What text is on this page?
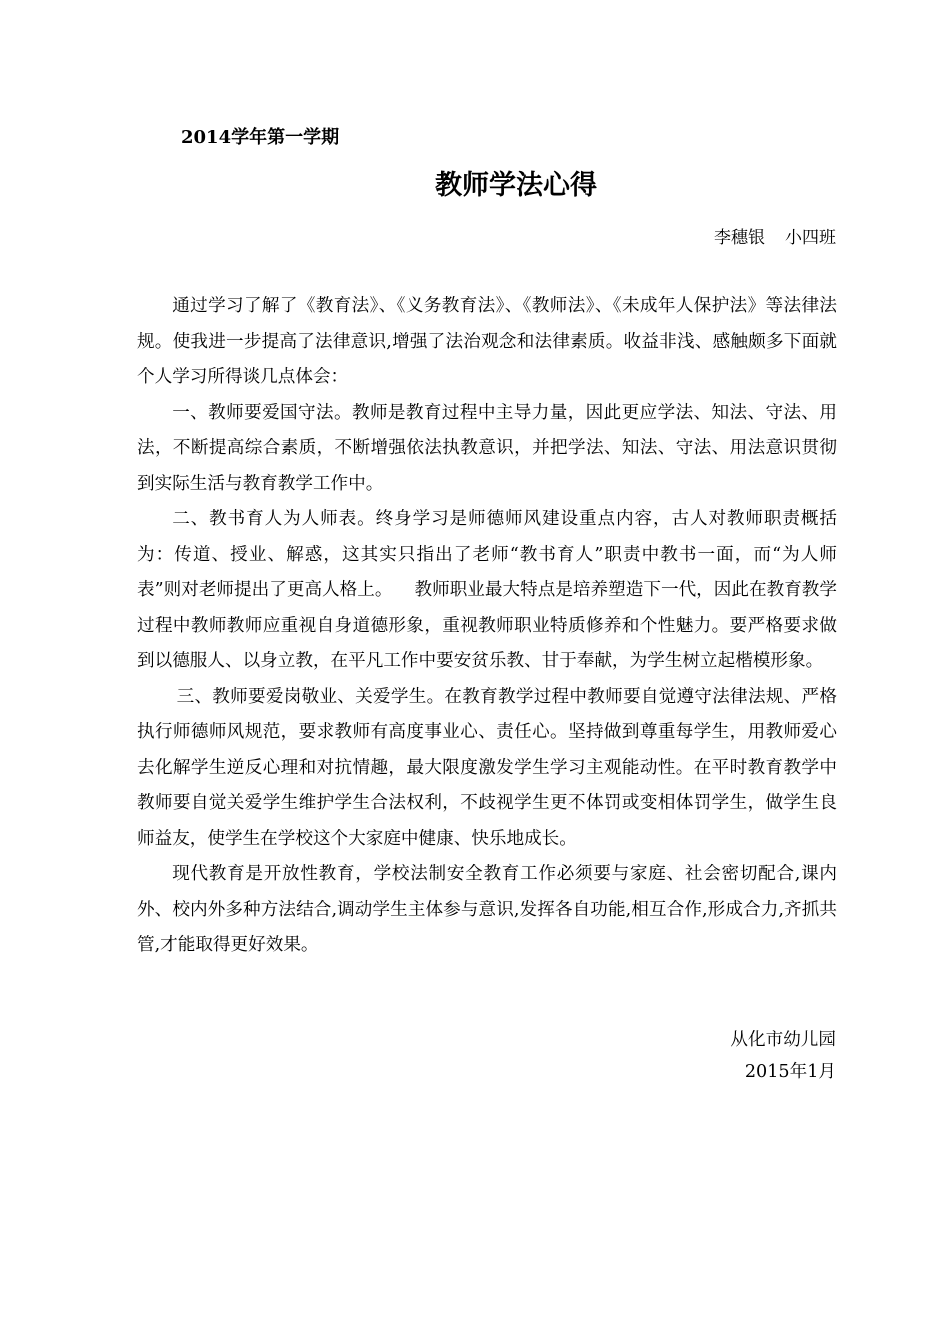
2014学年第一学期
教师学法心得
李穗银 小四班

通过学习了解了《教育法》、《义务教育法》、《教师法》、《未成年人保护法》等法律法规。使我进一步提高了法律意识,增强了法治观念和法律素质。收益非浅、感触颇多下面就个人学习所得谈几点体会：

一、教师要爱国守法。教师是教育过程中主导力量，因此更应学法、知法、守法、用法，不断提高综合素质，不断增强依法执教意识，并把学法、知法、守法、用法意识贯彻到实际生活与教育教学工作中。

二、教书育人为人师表。终身学习是师德师风建设重点内容，古人对教师职责概括为：传道、授业、解惑，这其实只指出了老师“教书育人”职责中教书一面，而“为人师表”则对老师提出了更高人格上。 教师职业最大特点是培养塑造下一代，因此在教育教学过程中教师教师应重视自身道德形象，重视教师职业特质修养和个性魅力。要严格要求做到以德服人、以身立教，在平凡工作中要安贫乐教、甘于奉献，为学生树立起楷模形象。

三、教师要爱岗敬业、关爱学生。在教育教学过程中教师要自觉遵守法律法规、严格执行师德师风规范，要求教师有高度事业心、责任心。坚持做到尊重每学生，用教师爱心去化解学生逆反心理和对抗情趣，最大限度激发学生学习主观能动性。在平时教育教学中教师要自觉关爱学生维护学生合法权利，不歧视学生更不体罚或变相体罚学生，做学生良师益友，使学生在学校这个大家庭中健康、快乐地成长。

现代教育是开放性教育，学校法制安全教育工作必须要与家庭、社会密切配合,课内外、校内外多种方法结合,调动学生主体参与意识,发挥各自功能,相互合作,形成合力,齐抓共管,才能取得更好效果。

从化市幼儿园
2015年1月
